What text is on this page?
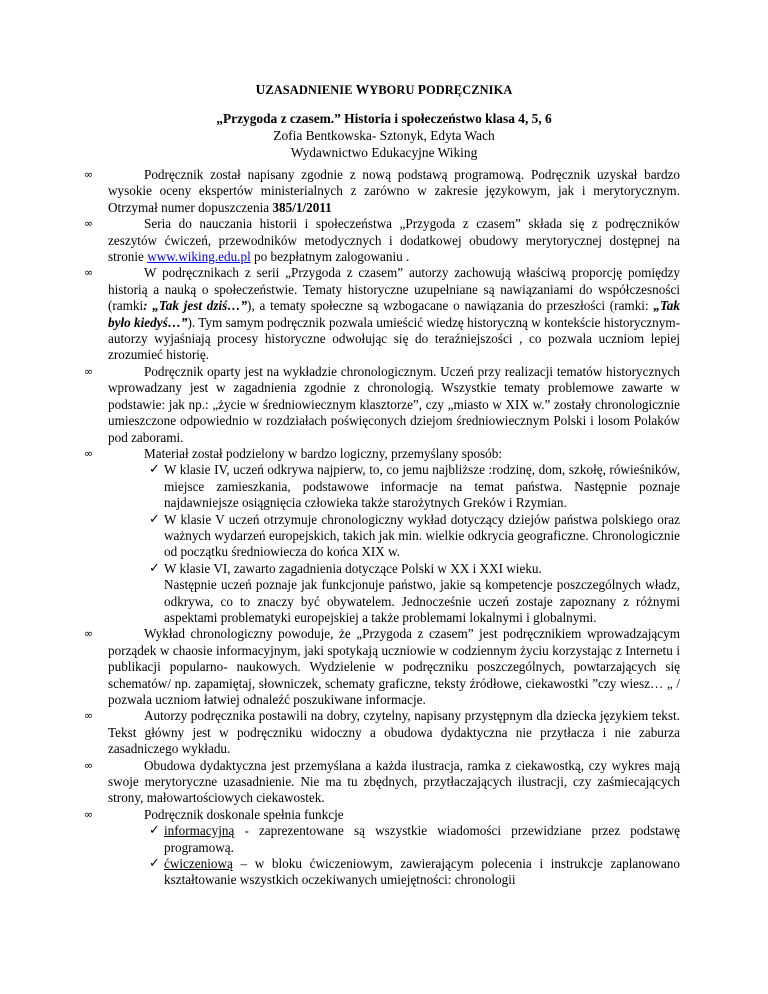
UZASADNIENIE WYBORU PODRĘCZNIKA
„Przygoda z czasem.” Historia i społeczeństwo klasa 4, 5, 6
Zofia Bentkowska- Sztonyk, Edyta Wach
Wydawnictwo Edukacyjne Wiking
∞	Podręcznik został napisany zgodnie z nową podstawą programową. Podręcznik uzyskał bardzo wysokie oceny ekspertów ministerialnych z zarówno w zakresie językowym, jak i merytorycznym. Otrzymał numer dopuszczenia 385/1/2011

∞	Seria do nauczania historii i społeczeństwa „Przygoda z czasem” składa się z podręczników zeszytów ćwiczeń, przewodników metodycznych i dodatkowej obudowy merytorycznej dostępnej na stronie www.wiking.edu.pl po bezpłatnym zalogowaniu .

∞	W podręcznikach z serii „Przygoda z czasem” autorzy zachowują właściwą proporcję pomiędzy historią a nauką o społeczeństwie. Tematy historyczne uzupełniane są nawiązaniami do współczesności (ramki: „Tak jest dziś…”), a tematy społeczne są wzbogacane o nawiązania do przeszłości (ramki: „Tak było kiedyś…”). Tym samym podręcznik pozwala umieścić wiedzę historyczną w kontekście historycznym-autorzy wyjaśniają procesy historyczne odwołując się do teraźniejszości , co pozwala uczniom lepiej zrozumieć historię.

∞	Podręcznik oparty jest na wykładzie chronologicznym. Uczeń przy realizacji tematów historycznych wprowadzany jest w zagadnienia zgodnie z chronologią. Wszystkie tematy problemowe zawarte w podstawie: jak np.: „życie w średniowiecznym klasztorze”, czy „miasto w XIX w.” zostały chronologicznie umieszczone odpowiednio w rozdziałach poświęconych dziejom średniowiecznym Polski i losom Polaków pod zaborami.

∞	Materiał został podzielony w bardzo logiczny, przemyślany sposób:

✓ W klasie IV, uczeń odkrywa najpierw, to, co jemu najbliższe :rodzinę, dom, szkołę, rówieśników, miejsce zamieszkania, podstawowe informacje na temat państwa. Następnie poznaje najdawniejsze osiągnięcia człowieka także starożytnych Greków i Rzymian.

✓ W klasie V uczeń otrzymuje chronologiczny wykład dotyczący dziejów państwa polskiego oraz ważnych wydarzeń europejskich, takich jak min. wielkie odkrycia geograficzne. Chronologicznie od początku średniowiecza do końca XIX w.

✓ W klasie VI, zawarto zagadnienia dotyczące Polski w XX i XXI wieku.

Następnie uczeń poznaje jak funkcjonuje państwo, jakie są kompetencje poszczególnych władz, odkrywa, co to znaczy być obywatelem. Jednocześnie uczeń zostaje zapoznany z różnymi aspektami problematyki europejskiej a także problemami lokalnymi i globalnymi.

∞	Wykład chronologiczny powoduje, że „Przygoda z czasem” jest podręcznikiem wprowadzającym porządek w chaosie informacyjnym, jaki spotykają uczniowie w codziennym życiu korzystając z Internetu i publikacji popularno- naukowych. Wydzielenie w podręczniku poszczególnych, powtarzających się schematów/ np. zapamiętaj, słowniczek, schematy graficzne, teksty źródłowe, ciekawostki ”czy wiesz… „ / pozwala uczniom łatwiej odnaleźć poszukiwane informacje.

∞	Autorzy podręcznika postawili na dobry, czytelny, napisany przystępnym dla dziecka językiem tekst. Tekst główny jest w podręczniku widoczny a obudowa dydaktyczna nie przytłacza i nie zaburza zasadniczego wykładu.

∞	Obudowa dydaktyczna jest przemyślana a każda ilustracja, ramka z ciekawostką, czy wykres mają swoje merytoryczne uzasadnienie. Nie ma tu zbędnych, przytłaczających ilustracji, czy zaśmiecających strony, małowartościowych ciekawostek.

∞	Podręcznik doskonale spełnia funkcje

✓ informacyjną - zaprezentowane są wszystkie wiadomości przewidziane przez podstawę programową.

✓ ćwiczeniową – w bloku ćwiczeniowym, zawierającym polecenia i instrukcje zaplanowano kształtowanie wszystkich oczekiwanych umiejętności: chronologii
